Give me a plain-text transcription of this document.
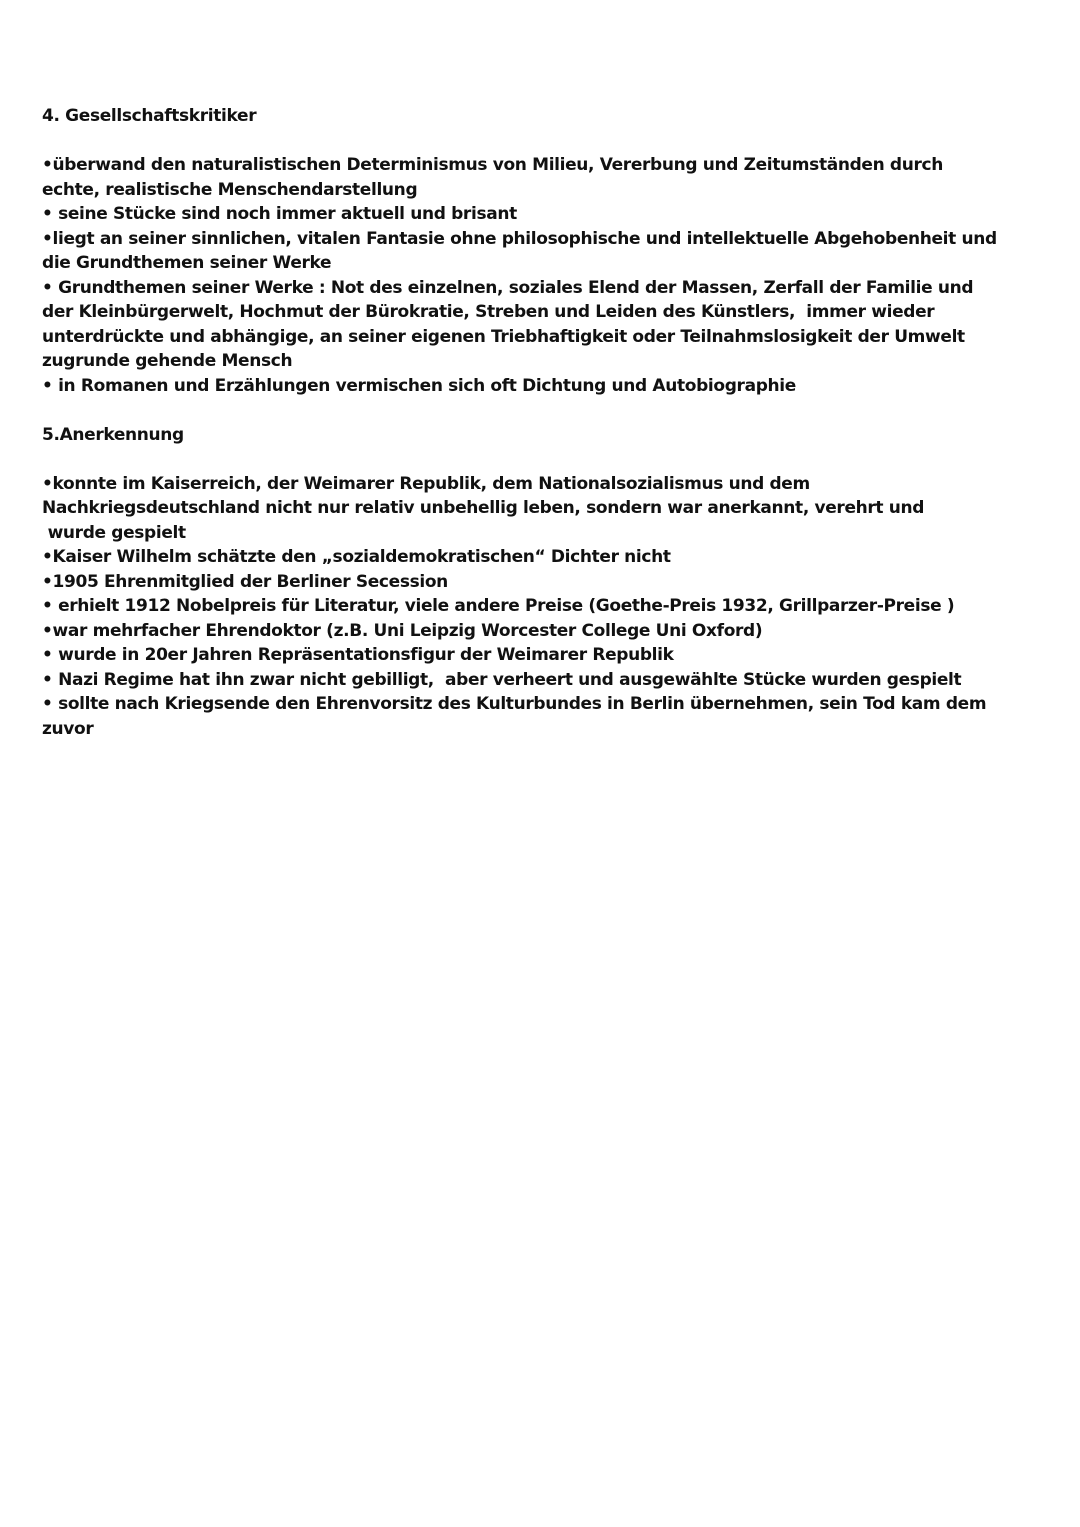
4. Gesellschaftskritiker

•überwand den naturalistischen Determinismus von Milieu, Vererbung und Zeitumständen durch
echte, realistische Menschendarstellung
• seine Stücke sind noch immer aktuell und brisant
•liegt an seiner sinnlichen, vitalen Fantasie ohne philosophische und intellektuelle Abgehobenheit und
die Grundthemen seiner Werke
• Grundthemen seiner Werke : Not des einzelnen, soziales Elend der Massen, Zerfall der Familie und
der Kleinbürgerwelt, Hochmut der Bürokratie, Streben und Leiden des Künstlers,  immer wieder
unterdrückte und abhängige, an seiner eigenen Triebhaftigkeit oder Teilnahmslosigkeit der Umwelt
zugrunde gehende Mensch
• in Romanen und Erzählungen vermischen sich oft Dichtung und Autobiographie

5.Anerkennung

•konnte im Kaiserreich, der Weimarer Republik, dem Nationalsozialismus und dem
Nachkriegsdeutschland nicht nur relativ unbehellig leben, sondern war anerkannt, verehrt und
wurde gespielt
•Kaiser Wilhelm schätzte den „sozialdemokratischen“ Dichter nicht
•1905 Ehrenmitglied der Berliner Secession
• erhielt 1912 Nobelpreis für Literatur, viele andere Preise (Goethe-Preis 1932, Grillparzer-Preise )
•war mehrfacher Ehrendoktor (z.B. Uni Leipzig Worcester College Uni Oxford)
• wurde in 20er Jahren Repräsentationsfigur der Weimarer Republik
• Nazi Regime hat ihn zwar nicht gebilligt,  aber verheert und ausgewählte Stücke wurden gespielt
• sollte nach Kriegsende den Ehrenvorsitz des Kulturbundes in Berlin übernehmen, sein Tod kam dem
zuvor
